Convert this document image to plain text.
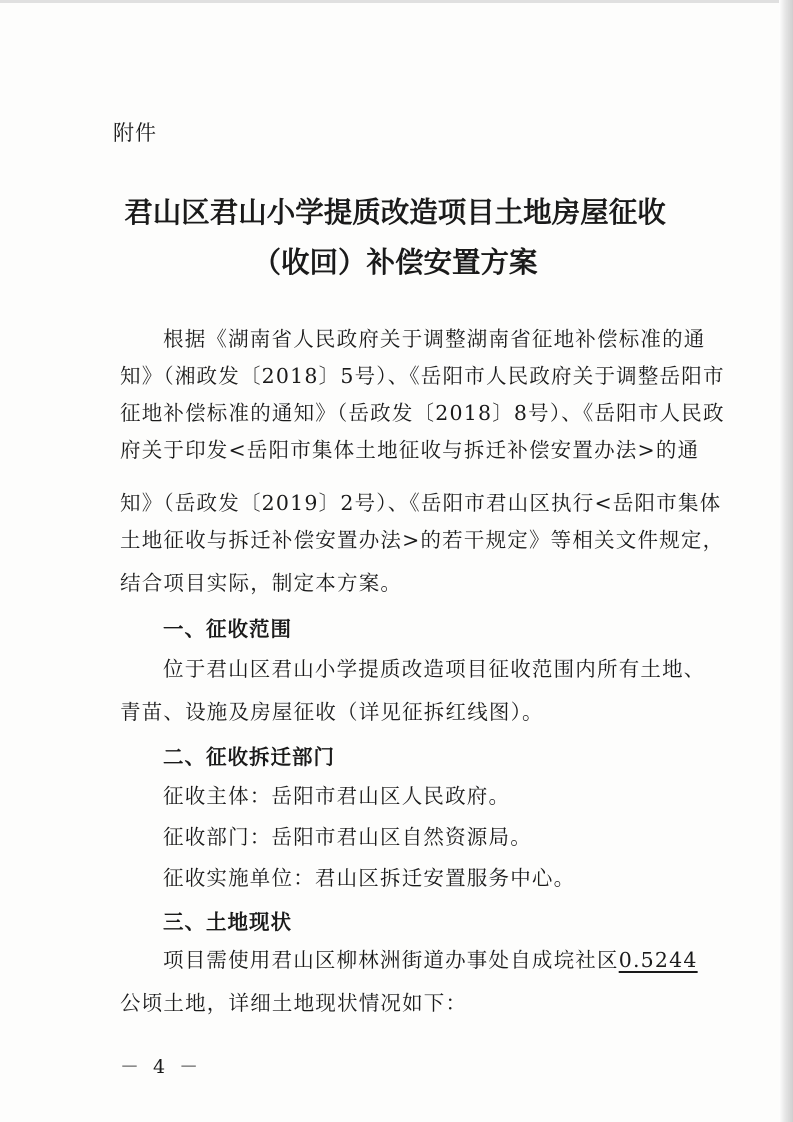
附件
君山区君山小学提质改造项目土地房屋征收
（收回）补偿安置方案
根据《湖南省人民政府关于调整湖南省征地补偿标准的通
知》（湘政发〔2018〕5号）、《岳阳市人民政府关于调整岳阳市
征地补偿标准的通知》（岳政发〔2018〕8号）、《岳阳市人民政
府关于印发<岳阳市集体土地征收与拆迁补偿安置办法>的通
知》（岳政发〔2019〕2号）、《岳阳市君山区执行<岳阳市集体
土地征收与拆迁补偿安置办法>的若干规定》等相关文件规定，
结合项目实际，制定本方案。
一、征收范围
位于君山区君山小学提质改造项目征收范围内所有土地、
青苗、设施及房屋征收（详见征拆红线图）。
二、征收拆迁部门
征收主体：岳阳市君山区人民政府。
征收部门：岳阳市君山区自然资源局。
征收实施单位：君山区拆迁安置服务中心。
三、土地现状
项目需使用君山区柳林洲街道办事处自成垸社区0.5244
公顷土地，详细土地现状情况如下：
－ 4 －
